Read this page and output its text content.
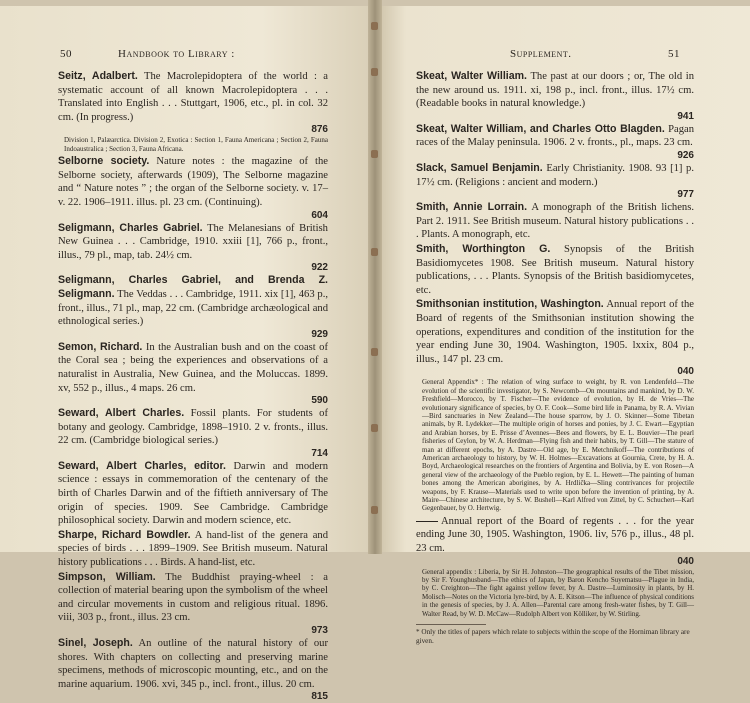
50	Handbook to Library :
Seitz, Adalbert. The Macrolepidoptera of the world : a systematic account of all known Macrolepidoptera . . . Translated into English . . . Stuttgart, 1906, etc., pl. in col. 32 cm. (In progress.)
876
Division 1, Palæarctica. Division 2, Exotica : Section 1, Fauna Americana ; Section 2, Fauna Indoaustralica ; Section 3, Fauna Africana.
Selborne society. Nature notes : the magazine of the Selborne society, afterwards (1909), The Selborne magazine and “ Nature notes ” ; the organ of the Selborne society. v. 17–v. 22. 1906–1911. illus. pl. 23 cm. (Continuing).
604
Seligmann, Charles Gabriel. The Melanesians of British New Guinea . . . Cambridge, 1910. xxiii [1], 766 p., front., illus., 79 pl., map, tab. 24½ cm.
922
Seligmann, Charles Gabriel, and Brenda Z. Seligmann. The Veddas . . . Cambridge, 1911. xix [1], 463 p., front., illus., 71 pl., map, 22 cm. (Cambridge archæological and ethnological series.)
929
Semon, Richard. In the Australian bush and on the coast of the Coral sea ; being the experiences and observations of a naturalist in Australia, New Guinea, and the Moluccas. 1899. xv, 552 p., illus., 4 maps. 26 cm.
590
Seward, Albert Charles. Fossil plants. For students of botany and geology. Cambridge, 1898–1910. 2 v. fronts., illus. 22 cm. (Cambridge biological series.)
714
Seward, Albert Charles, editor. Darwin and modern science : essays in commemoration of the centenary of the birth of Charles Darwin and of the fiftieth anniversary of The origin of species. 1909. See Cambridge. Cambridge philosophical society. Darwin and modern science, etc.
Sharpe, Richard Bowdler. A hand-list of the genera and species of birds . . . 1899–1909. See British museum. Natural history publications . . . Birds. A hand-list, etc.
Simpson, William. The Buddhist praying-wheel : a collection of material bearing upon the symbolism of the wheel and circular movements in custom and religious ritual. 1896. viii, 303 p., front., illus. 23 cm.
973
Sinel, Joseph. An outline of the natural history of our shores. With chapters on collecting and preserving marine specimens, methods of microscopic mounting, etc., and on the marine aquarium. 1906. xvi, 345 p., incl. front., illus. 20 cm.
815
Supplement.	51
Skeat, Walter William. The past at our doors ; or, The old in the new around us. 1911. xi, 198 p., incl. front., illus. 17½ cm. (Readable books in natural knowledge.)
941
Skeat, Walter William, and Charles Otto Blagden. Pagan races of the Malay peninsula. 1906. 2 v. fronts., pl., maps. 23 cm.
926
Slack, Samuel Benjamin. Early Christianity. 1908. 93 [1] p. 17½ cm. (Religions : ancient and modern.)
977
Smith, Annie Lorrain. A monograph of the British lichens. Part 2. 1911. See British museum. Natural history publications . . . Plants. A monograph, etc.
Smith, Worthington G. Synopsis of the British Basidiomycetes 1908. See British museum. Natural history publications, . . . Plants. Synopsis of the British basidiomycetes, etc.
Smithsonian institution, Washington. Annual report of the Board of regents of the Smithsonian institution showing the operations, expenditures and condition of the institution for the year ending June 30, 1904. Washington, 1905. lxxix, 804 p., illus., 147 pl. 23 cm.
040
General Appendix* : The relation of wing surface to weight, by R. von Lendenfeld—The evolution of the scientific investigator, by S. Newcomb—On mountains and mankind, by D. W. Freshfield—Morocco, by T. Fischer—The evidence of evolution, by H. de Vries—The evolutionary significance of species, by O. F. Cook—Some bird life in Panama, by R. A. Vivian—Bird sanctuaries in New Zealand—The house sparrow, by J. O. Skinner—Some Tibetan animals, by R. Lydekker—The multiple origin of horses and ponies, by J. C. Ewart—Egyptian and Arabian horses, by E. Prisse d’Avennes—Bees and flowers, by E. L. Bouvier—The pearl fisheries of Ceylon, by W. A. Herdman—Flying fish and their habits, by T. Gill—The stature of man at different epochs, by A. Dastre—Old age, by E. Metchnikoff—The contributions of American archaeology to history, by W. H. Holmes—Excavations at Gournia, Crete, by H. A. Boyd, Archaeological researches on the frontiers of Argentina and Bolivia, by E. von Rosen—A general view of the archaeology of the Pueblo region, by E. L. Hewett—The painting of human bones among the American aborigines, by A. Hrdlička—Sling contrivances for projectile weapons, by F. Krause—Materials used to write upon before the invention of printing, by A. Maire—Chinese architecture, by S. W. Bushell—Karl Alfred von Zittel, by C. Schuchert—Karl Gegenbauer, by O. Hertwig.
Annual report of the Board of regents . . . for the year ending June 30, 1905. Washington, 1906. liv, 576 p., illus., 48 pl. 23 cm.
040
General appendix : Liberia, by Sir H. Johnston—The geographical results of the Tibet mission, by Sir F. Younghusband—The ethics of Japan, by Baron Kencho Suyematsu—Plague in India, by C. Creighton—The fight against yellow fever, by A. Dastre—Luminosity in plants, by H. Molisch—Notes on the Victoria lyre-bird, by A. E. Kitson—The influence of physical conditions in the genesis of species, by J. A. Allen—Parental care among fresh-water fishes, by T. Gill—Walter Read, by W. D. McCaw—Rudolph Albert von Kölliker, by W. Stirling.
* Only the titles of papers which relate to subjects within the scope of the Horniman library are given.
